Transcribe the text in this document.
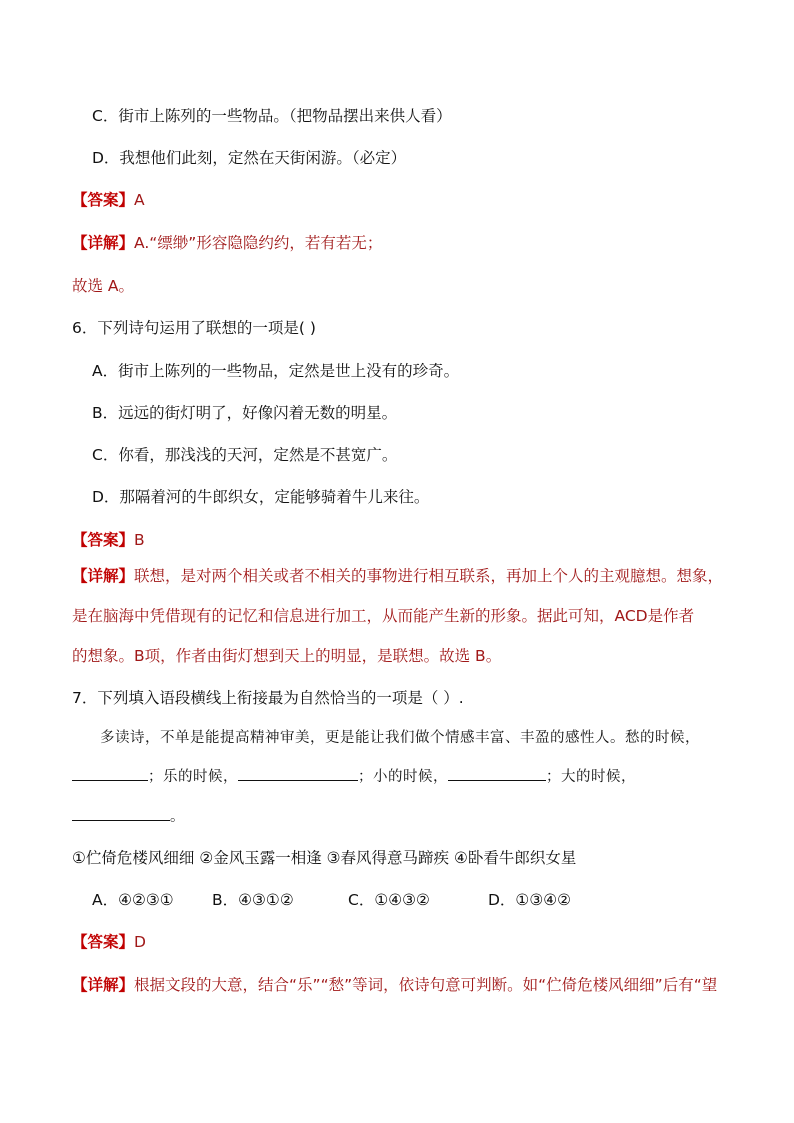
C．街市上陈列的一些物品。（把物品摆出来供人看）
D．我想他们此刻，定然在天街闲游。（必定）
【答案】A
【详解】A.“缥缈”形容隐隐约约，若有若无；
故选 A。
6．下列诗句运用了联想的一项是( )
A．街市上陈列的一些物品，定然是世上没有的珍奇。
B．远远的街灯明了，好像闪着无数的明星。
C．你看，那浅浅的天河，定然是不甚宽广。
D．那隔着河的牛郎织女，定能够骑着牛儿来往。
【答案】B
【详解】联想，是对两个相关或者不相关的事物进行相互联系，再加上个人的主观臆想。想象，
是在脑海中凭借现有的记忆和信息进行加工，从而能产生新的形象。据此可知，ACD是作者
的想象。B项，作者由街灯想到天上的明显，是联想。故选 B。
7．下列填入语段横线上衔接最为自然恰当的一项是（ ）.
多读诗，不单是能提高精神审美，更是能让我们做个情感丰富、丰盈的感性人。愁的时候，
；乐的时候，	；小的时候，	；大的时候，
。
①伫倚危楼风细细 ②金风玉露一相逢 ③春风得意马蹄疾 ④卧看牛郎织女星
A．④②③① B．④③①②	C．①④③②	D．①③④②
【答案】D
【详解】根据文段的大意，结合“乐”“愁”等词，依诗句意可判断。如“伫倚危楼风细细”后有“望
